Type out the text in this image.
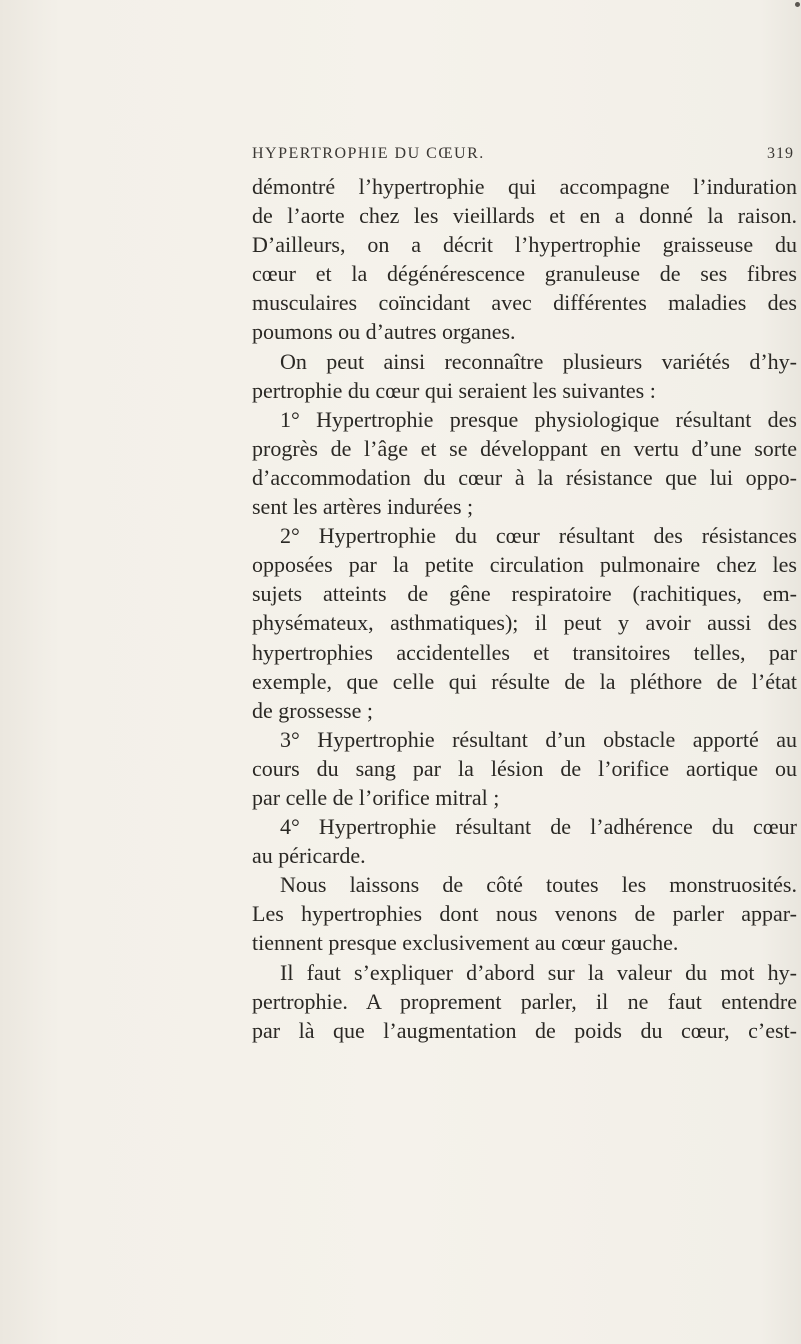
HYPERTROPHIE DU CŒUR.	319
démontré l’hypertrophie qui accompagne l’induration
de l’aorte chez les vieillards et en a donné la raison.
D’ailleurs, on a décrit l’hypertrophie graisseuse du
cœur et la dégénérescence granuleuse de ses fibres
musculaires coïncidant avec différentes maladies des
poumons ou d’autres organes.
On peut ainsi reconnaître plusieurs variétés d’hy-
pertrophie du cœur qui seraient les suivantes :
1° Hypertrophie presque physiologique résultant des
progrès de l’âge et se développant en vertu d’une sorte
d’accommodation du cœur à la résistance que lui oppo-
sent les artères indurées ;
2° Hypertrophie du cœur résultant des résistances
opposées par la petite circulation pulmonaire chez les
sujets atteints de gêne respiratoire (rachitiques, em-
physémateux, asthmatiques); il peut y avoir aussi des
hypertrophies accidentelles et transitoires telles, par
exemple, que celle qui résulte de la pléthore de l’état
de grossesse ;
3° Hypertrophie résultant d’un obstacle apporté au
cours du sang par la lésion de l’orifice aortique ou
par celle de l’orifice mitral ;
4° Hypertrophie résultant de l’adhérence du cœur
au péricarde.
Nous laissons de côté toutes les monstruosités.
Les hypertrophies dont nous venons de parler appar-
tiennent presque exclusivement au cœur gauche.
Il faut s’expliquer d’abord sur la valeur du mot hy-
pertrophie. A proprement parler, il ne faut entendre
par là que l’augmentation de poids du cœur, c’est-
